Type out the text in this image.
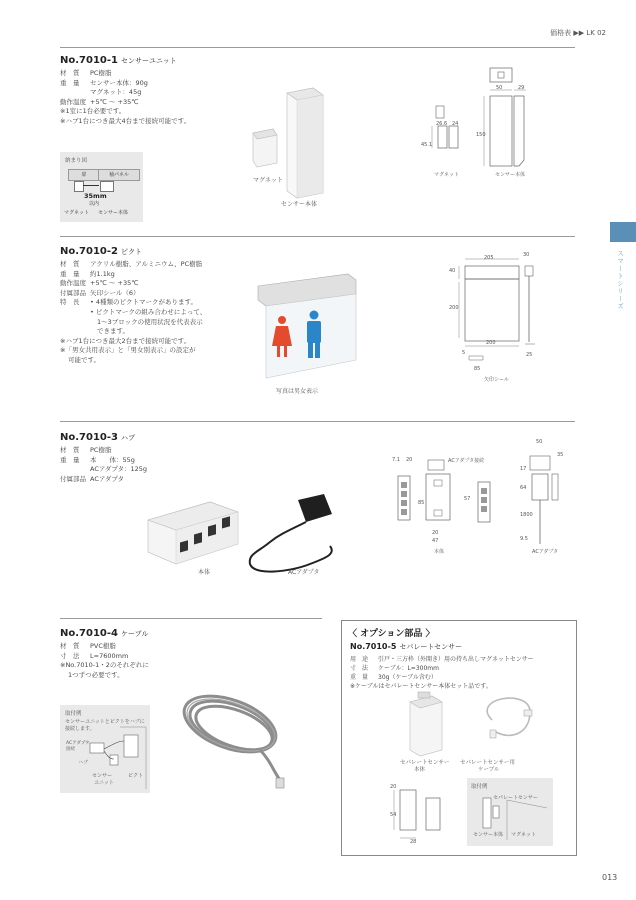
価格表 ▶▶ LK 02
スマートシリーズ
No.7010-1 センサーユニット
材　質	PC樹脂
重　量	センサー本体：90g
マグネット：45g
動作温度 +5℃ ～ +35℃
※1室に1台必要です。
※ハブ1台につき最大4台まで接続可能です。
納まり図
扉	袖パネル
35mm
以内
マグネット センサー本体
マグネット
センサー本体
50	29
26.6 24
45.1
150
マグネット	センサー本体
No.7010-2 ピクト
材　質	アクリル樹脂、アルミニウム、PC樹脂
重　量	約1.1kg
動作温度 +5℃ ～ +35℃
付属部品 矢印シール（6）
特　長	• 4種類のピクトマークがあります。
• ピクトマークの組み合わせによって、
1～3ブロックの使用状況を代表表示
できます。
※ハブ1台につき最大2台まで接続可能です。
※「男女共用表示」と「男女別表示」の設定が
可能です。
写真は男女表示
205	30
40
200
200
5	25
85
矢印シール
No.7010-3 ハブ
材　質	PC樹脂
重　量	本　　体：55g
ACアダプタ：125g
付属部品 ACアダプタ
本体	ACアダプタ
7.1 20	ACアダプタ接続
85
57
20
47
本体
50
35
17
64
1800
9.5
ACアダプタ
No.7010-4 ケーブル
材　質	PVC樹脂
寸　法	L=7600mm
※No.7010-1・2のそれぞれに
1つずつ必要です。
取付例
センサーユニットとピクトをハブに
接続します。
ACアダプタ
接続
ハブ
センサー
ユニット
ピクト
〈 オプション部品 〉
No.7010-5 セパレートセンサー
用　途	引戸・三方枠（外開き）用の持ち出しマグネットセンサー
寸　法	ケーブル：L=300mm
重　量	30g（ケーブル含む）
※ケーブルはセパレートセンサー本体セット品です。
セパレートセンサー
本体
セパレートセンサー用
ケーブル
20
54
28
取付例
セパレートセンサー
センサー本体 マグネット
013
